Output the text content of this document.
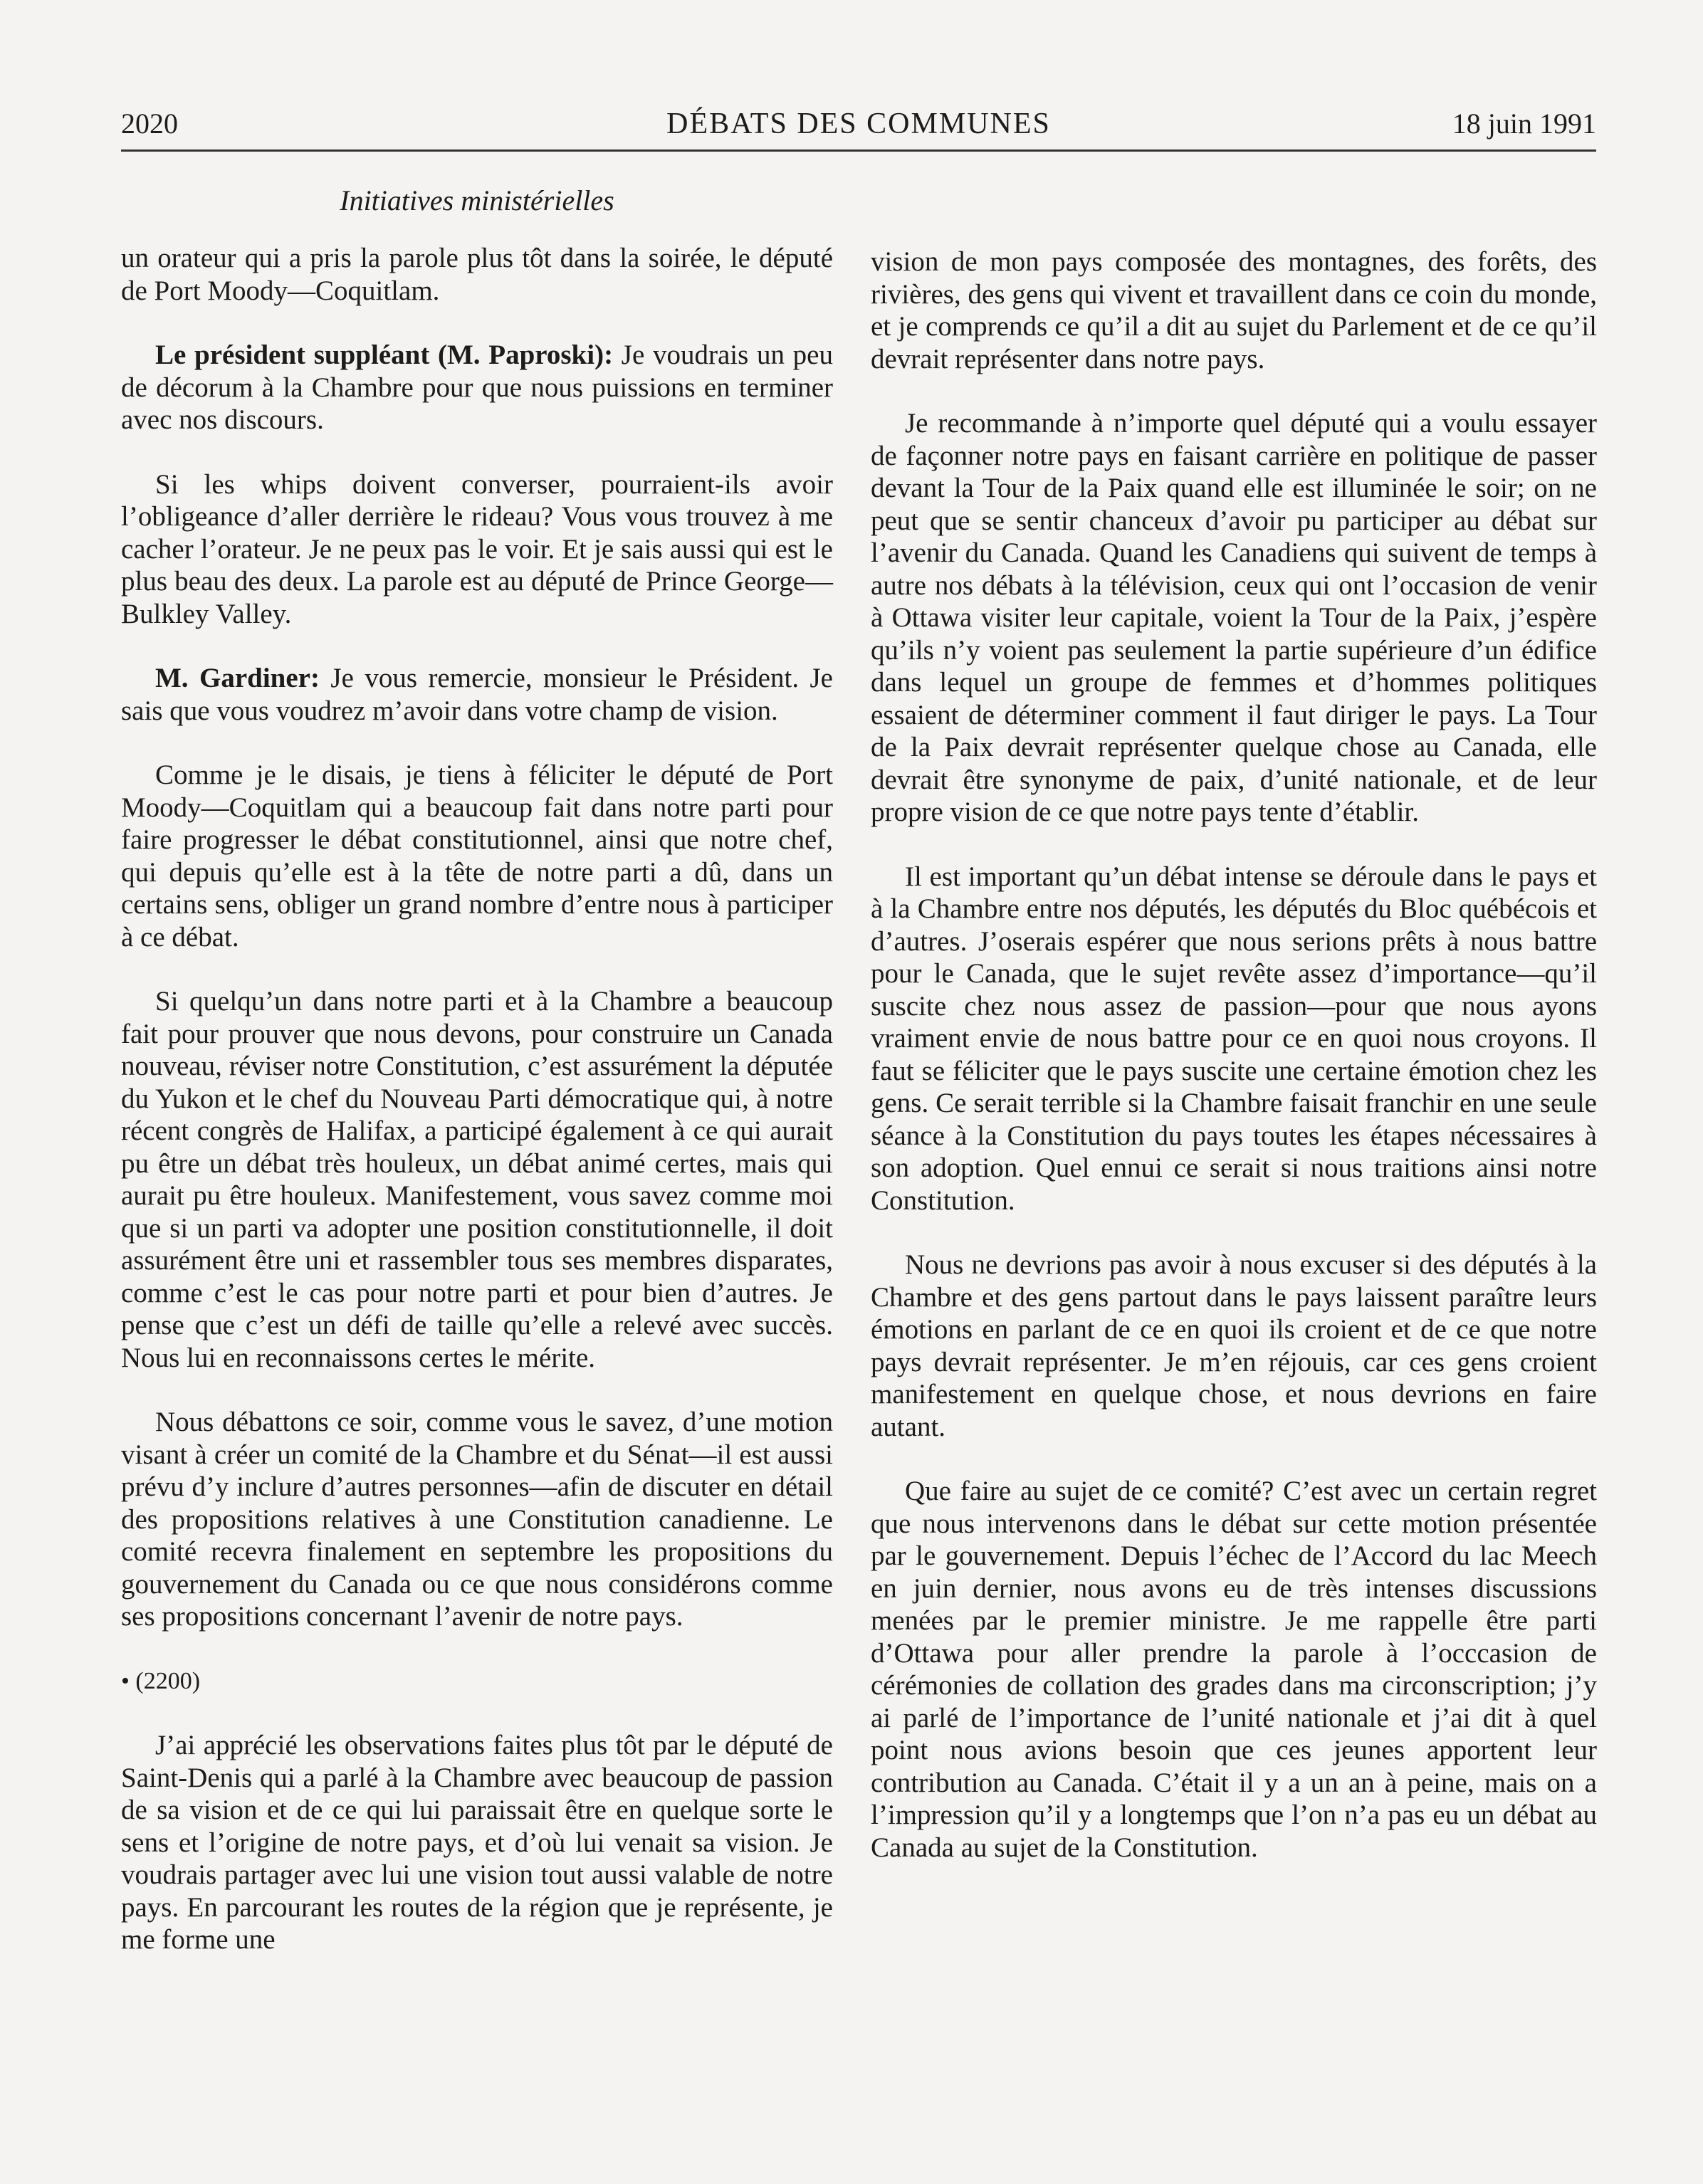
2020	DÉBATS DES COMMUNES	18 juin 1991
Initiatives ministérielles

un orateur qui a pris la parole plus tôt dans la soirée, le député de Port Moody—Coquitlam.

Le président suppléant (M. Paproski): Je voudrais un peu de décorum à la Chambre pour que nous puissions en terminer avec nos discours.

Si les whips doivent converser, pourraient-ils avoir l’obligeance d’aller derrière le rideau? Vous vous trouvez à me cacher l’orateur. Je ne peux pas le voir. Et je sais aussi qui est le plus beau des deux. La parole est au député de Prince George—Bulkley Valley.

M. Gardiner: Je vous remercie, monsieur le Président. Je sais que vous voudrez m’avoir dans votre champ de vision.

Comme je le disais, je tiens à féliciter le député de Port Moody—Coquitlam qui a beaucoup fait dans notre parti pour faire progresser le débat constitutionnel, ainsi que notre chef, qui depuis qu’elle est à la tête de notre parti a dû, dans un certains sens, obliger un grand nombre d’entre nous à participer à ce débat.

Si quelqu’un dans notre parti et à la Chambre a beaucoup fait pour prouver que nous devons, pour construire un Canada nouveau, réviser notre Constitution, c’est assurément la députée du Yukon et le chef du Nouveau Parti démocratique qui, à notre récent congrès de Halifax, a participé également à ce qui aurait pu être un débat très houleux, un débat animé certes, mais qui aurait pu être houleux. Manifestement, vous savez comme moi que si un parti va adopter une position constitutionnelle, il doit assurément être uni et rassembler tous ses membres disparates, comme c’est le cas pour notre parti et pour bien d’autres. Je pense que c’est un défi de taille qu’elle a relevé avec succès. Nous lui en reconnaissons certes le mérite.

Nous débattons ce soir, comme vous le savez, d’une motion visant à créer un comité de la Chambre et du Sénat—il est aussi prévu d’y inclure d’autres personnes—afin de discuter en détail des propositions relatives à une Constitution canadienne. Le comité recevra finalement en septembre les propositions du gouvernement du Canada ou ce que nous considérons comme ses propositions concernant l’avenir de notre pays.

• (2200)

J’ai apprécié les observations faites plus tôt par le député de Saint-Denis qui a parlé à la Chambre avec beaucoup de passion de sa vision et de ce qui lui paraissait être en quelque sorte le sens et l’origine de notre pays, et d’où lui venait sa vision. Je voudrais partager avec lui une vision tout aussi valable de notre pays. En parcourant les routes de la région que je représente, je me forme une

vision de mon pays composée des montagnes, des forêts, des rivières, des gens qui vivent et travaillent dans ce coin du monde, et je comprends ce qu’il a dit au sujet du Parlement et de ce qu’il devrait représenter dans notre pays.

Je recommande à n’importe quel député qui a voulu essayer de façonner notre pays en faisant carrière en politique de passer devant la Tour de la Paix quand elle est illuminée le soir; on ne peut que se sentir chanceux d’avoir pu participer au débat sur l’avenir du Canada. Quand les Canadiens qui suivent de temps à autre nos débats à la télévision, ceux qui ont l’occasion de venir à Ottawa visiter leur capitale, voient la Tour de la Paix, j’espère qu’ils n’y voient pas seulement la partie supérieure d’un édifice dans lequel un groupe de femmes et d’hommes politiques essaient de déterminer comment il faut diriger le pays. La Tour de la Paix devrait représenter quelque chose au Canada, elle devrait être synonyme de paix, d’unité nationale, et de leur propre vision de ce que notre pays tente d’établir.

Il est important qu’un débat intense se déroule dans le pays et à la Chambre entre nos députés, les députés du Bloc québécois et d’autres. J’oserais espérer que nous serions prêts à nous battre pour le Canada, que le sujet revête assez d’importance—qu’il suscite chez nous assez de passion—pour que nous ayons vraiment envie de nous battre pour ce en quoi nous croyons. Il faut se féliciter que le pays suscite une certaine émotion chez les gens. Ce serait terrible si la Chambre faisait franchir en une seule séance à la Constitution du pays toutes les étapes nécessaires à son adoption. Quel ennui ce serait si nous traitions ainsi notre Constitution.

Nous ne devrions pas avoir à nous excuser si des députés à la Chambre et des gens partout dans le pays laissent paraître leurs émotions en parlant de ce en quoi ils croient et de ce que notre pays devrait représenter. Je m’en réjouis, car ces gens croient manifestement en quelque chose, et nous devrions en faire autant.

Que faire au sujet de ce comité? C’est avec un certain regret que nous intervenons dans le débat sur cette motion présentée par le gouvernement. Depuis l’échec de l’Accord du lac Meech en juin dernier, nous avons eu de très intenses discussions menées par le premier ministre. Je me rappelle être parti d’Ottawa pour aller prendre la parole à l’occcasion de cérémonies de collation des grades dans ma circonscription; j’y ai parlé de l’importance de l’unité nationale et j’ai dit à quel point nous avions besoin que ces jeunes apportent leur contribution au Canada. C’était il y a un an à peine, mais on a l’impression qu’il y a longtemps que l’on n’a pas eu un débat au Canada au sujet de la Constitution.
